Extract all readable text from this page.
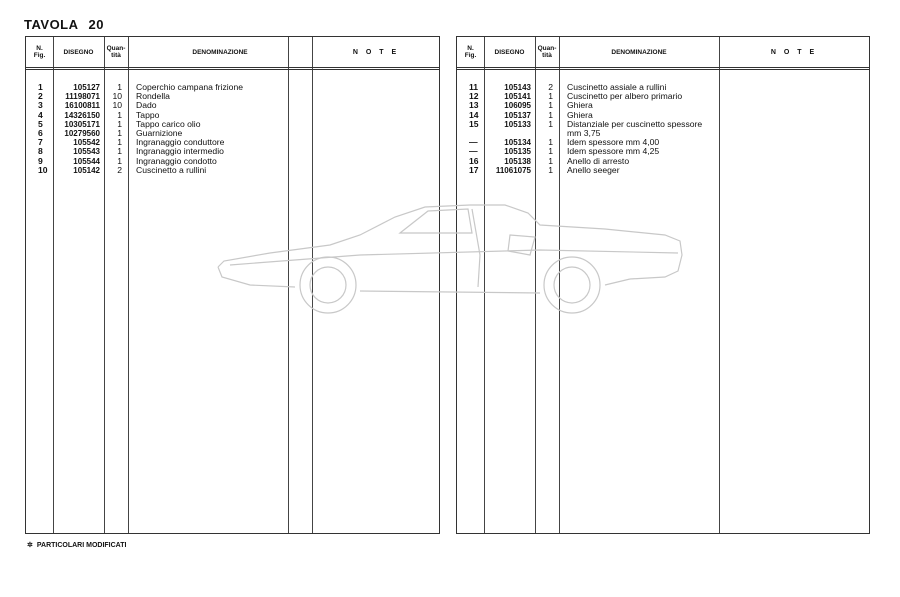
TAVOLA 20
N.
Fig.	DISEGNO	Quan-
tità	DENOMINAZIONE	N O T E
1	105127	1 Coperchio campana frizione
2	11198071	10 Rondella
3	16100811	10 Dado
4	14326150	1 Tappo
5	10305171	1 Tappo carico olio
6	10279560	1 Guarnizione
7	105542	1 Ingranaggio conduttore
8	105543	1 Ingranaggio intermedio
9	105544	1 Ingranaggio condotto
10	105142	2 Cuscinetto a rullini
N.
Fig.	DISEGNO	Quan-
tità	DENOMINAZIONE	N O T E
11	105143	2 Cuscinetto assiale a rullini
12	105141	1 Cuscinetto per albero primario
13	106095	1 Ghiera
14	105137	1 Ghiera
15	105133	1 Distanziale per cuscinetto spessore
mm 3,75
—	105134	1 Idem spessore mm 4,00
—	105135	1 Idem spessore mm 4,25
16	105138	1 Anello di arresto
17	11061075	1 Anello seeger
✲ PARTICOLARI MODIFICATI
